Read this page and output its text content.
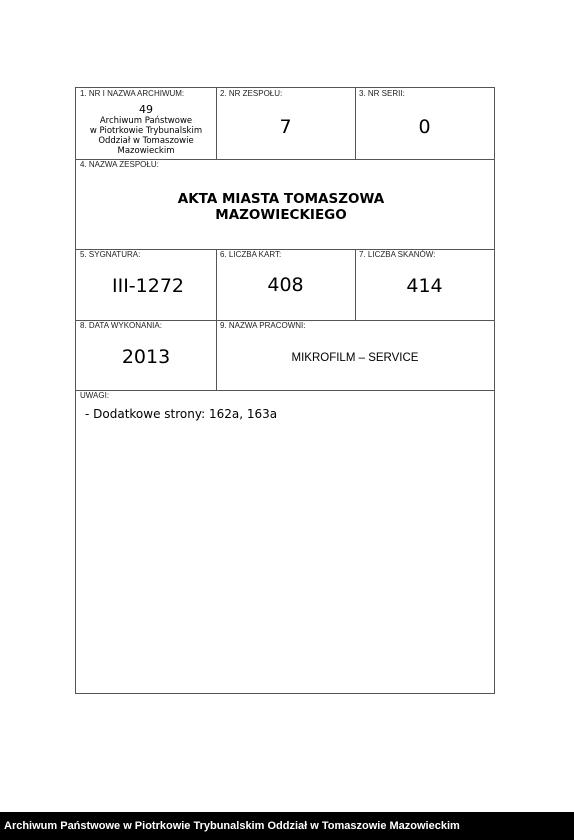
1. NR I NAZWA ARCHIWUM:
49
Archiwum Państwowe
w Piotrkowie Trybunalskim
Oddział w Tomaszowie
Mazowieckim
2. NR ZESPOŁU:
7
3. NR SERII:
0
4. NAZWA ZESPOŁU:
AKTA MIASTA TOMASZOWA
MAZOWIECKIEGO
5. SYGNATURA:
III-1272
6. LICZBA KART:
408
7. LICZBA SKANÓW:
414
8. DATA WYKONANIA:
2013
9. NAZWA PRACOWNI:
MIKROFILM – SERVICE
UWAGI:
- Dodatkowe strony: 162a, 163a
Archiwum Państwowe w Piotrkowie Trybunalskim Oddział w Tomaszowie Mazowieckim
